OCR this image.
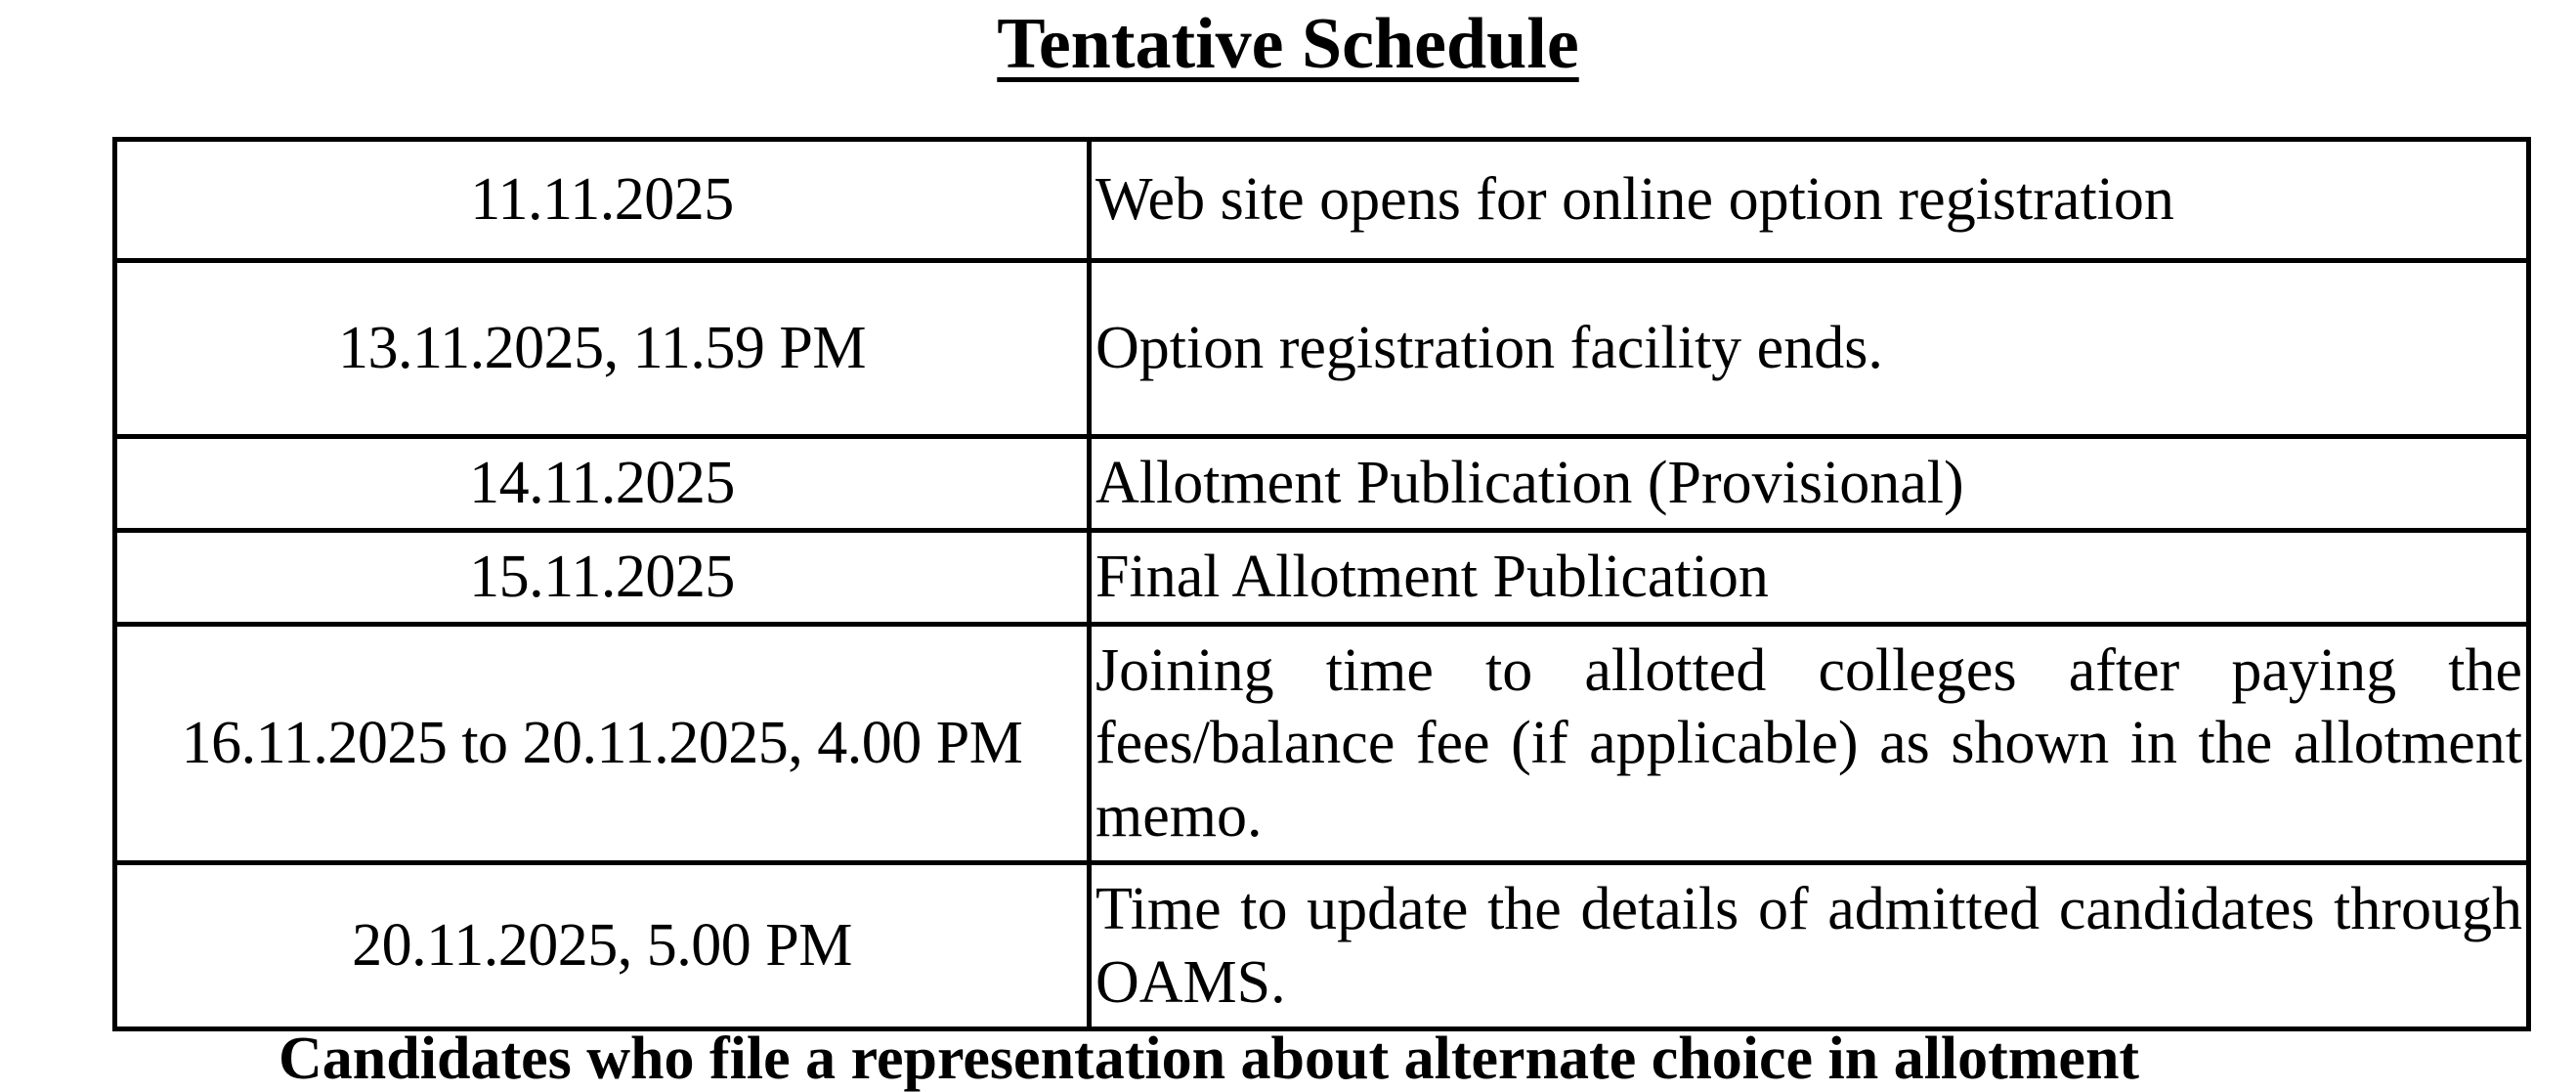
Tentative Schedule
11.11.2025	Web site opens for online option registration
13.11.2025, 11.59 PM	Option registration facility ends.
14.11.2025	Allotment Publication (Provisional)
15.11.2025	Final Allotment Publication
16.11.2025 to 20.11.2025, 4.00 PM	Joining time to allotted colleges after paying the fees/balance fee (if applicable) as shown in the allotment memo.
20.11.2025, 5.00 PM	Time to update the details of admitted candidates through OAMS.
Candidates who file a representation about alternate choice in allotment
